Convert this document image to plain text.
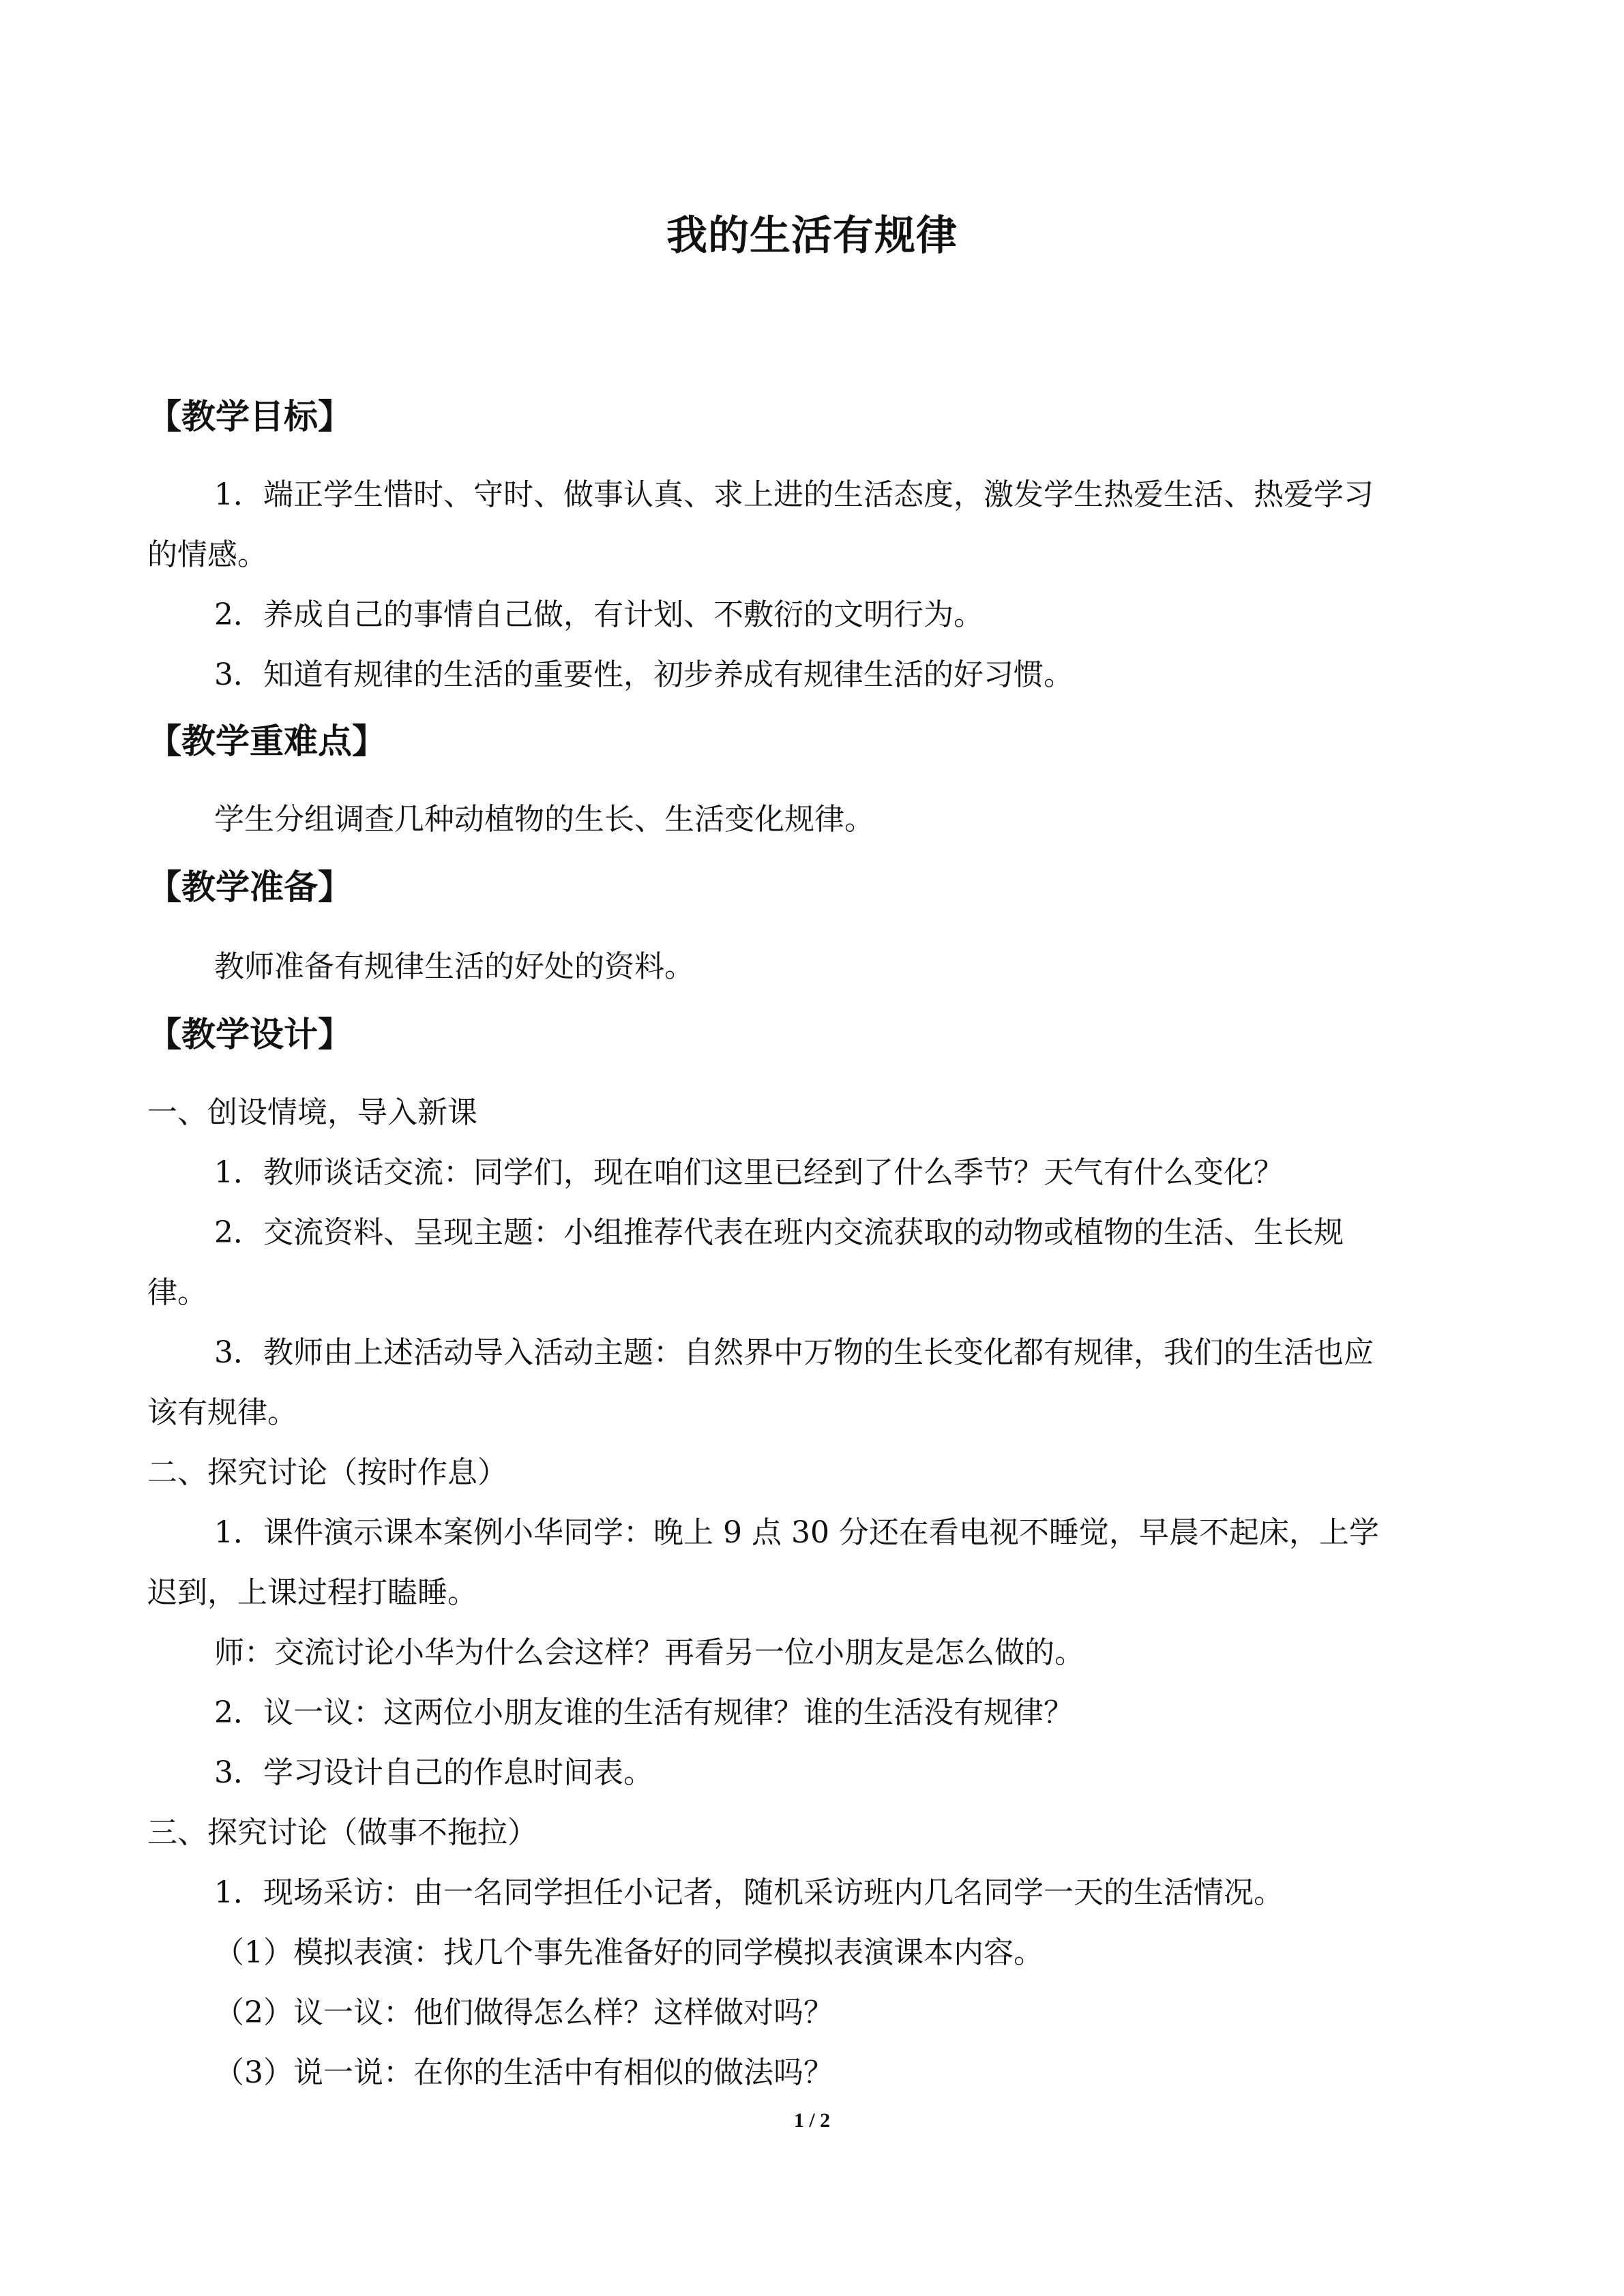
我的生活有规律
【教学目标】
1．端正学生惜时、守时、做事认真、求上进的生活态度，激发学生热爱生活、热爱学习
的情感。
2．养成自己的事情自己做，有计划、不敷衍的文明行为。
3．知道有规律的生活的重要性，初步养成有规律生活的好习惯。
【教学重难点】
学生分组调查几种动植物的生长、生活变化规律。
【教学准备】
教师准备有规律生活的好处的资料。
【教学设计】
一、创设情境，导入新课
1．教师谈话交流：同学们，现在咱们这里已经到了什么季节？天气有什么变化？
2．交流资料、呈现主题：小组推荐代表在班内交流获取的动物或植物的生活、生长规
律。
3．教师由上述活动导入活动主题：自然界中万物的生长变化都有规律，我们的生活也应
该有规律。
二、探究讨论（按时作息）
1．课件演示课本案例小华同学：晚上 9 点 30 分还在看电视不睡觉，早晨不起床，上学
迟到，上课过程打瞌睡。
师：交流讨论小华为什么会这样？再看另一位小朋友是怎么做的。
2．议一议：这两位小朋友谁的生活有规律？谁的生活没有规律？
3．学习设计自己的作息时间表。
三、探究讨论（做事不拖拉）
1．现场采访：由一名同学担任小记者，随机采访班内几名同学一天的生活情况。
（1）模拟表演：找几个事先准备好的同学模拟表演课本内容。
（2）议一议：他们做得怎么样？这样做对吗？
（3）说一说：在你的生活中有相似的做法吗？
1 / 2
